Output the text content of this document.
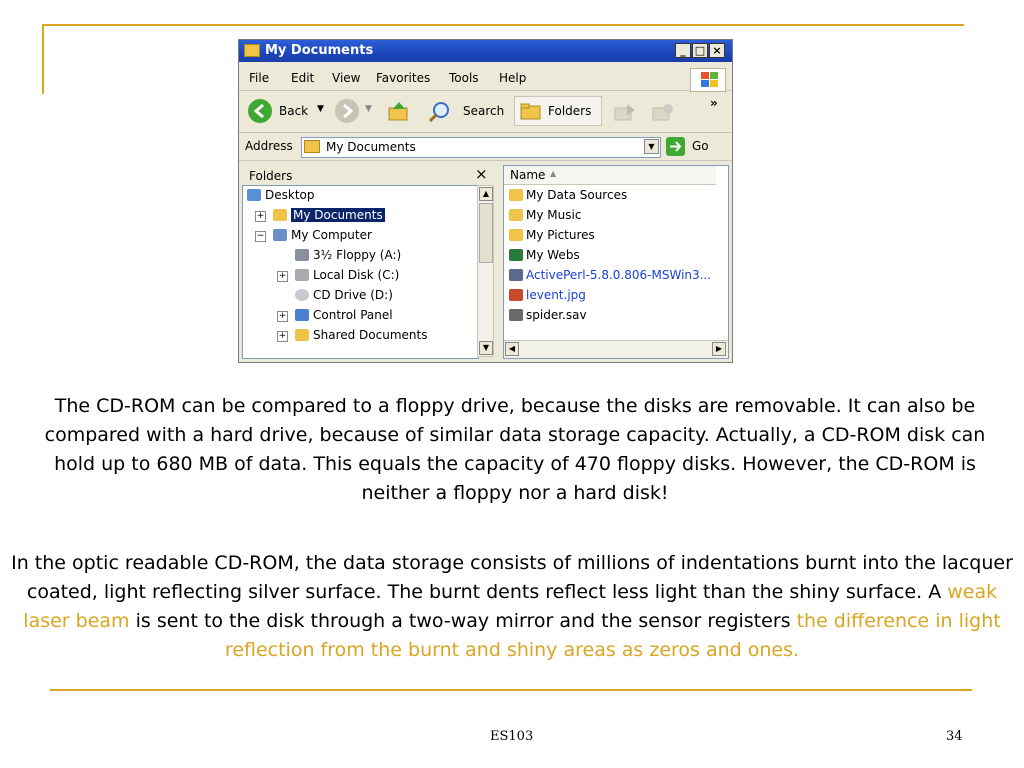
My Documents	_ □ ×
File Edit View Favorites Tools Help
Back ▼	▼	Search	Folders
»
Address	My Documents	▼	Go
Folders	×
Desktop
+	My Documents
−	My Computer
3½ Floppy (A:)
+	Local Disk (C:)
CD Drive (D:)
+	Control Panel
+	Shared Documents
▲
▼
Name ▲
My Data Sources
My Music
My Pictures
My Webs
ActivePerl-5.8.0.806-MSWin3...
levent.jpg
spider.sav
◀	▶
The CD-ROM can be compared to a floppy drive, because the disks are removable. It can also be compared with a hard drive, because of similar data storage capacity. Actually, a CD-ROM disk can hold up to 680 MB of data. This equals the capacity of 470 floppy disks. However, the CD-ROM is neither a floppy nor a hard disk!
In the optic readable CD-ROM, the data storage consists of millions of indentations burnt into the lacquer coated, light reflecting silver surface. The burnt dents reflect less light than the shiny surface. A weak laser beam is sent to the disk through a two-way mirror and the sensor registers the difference in light reflection from the burnt and shiny areas as zeros and ones.
ES103	34
